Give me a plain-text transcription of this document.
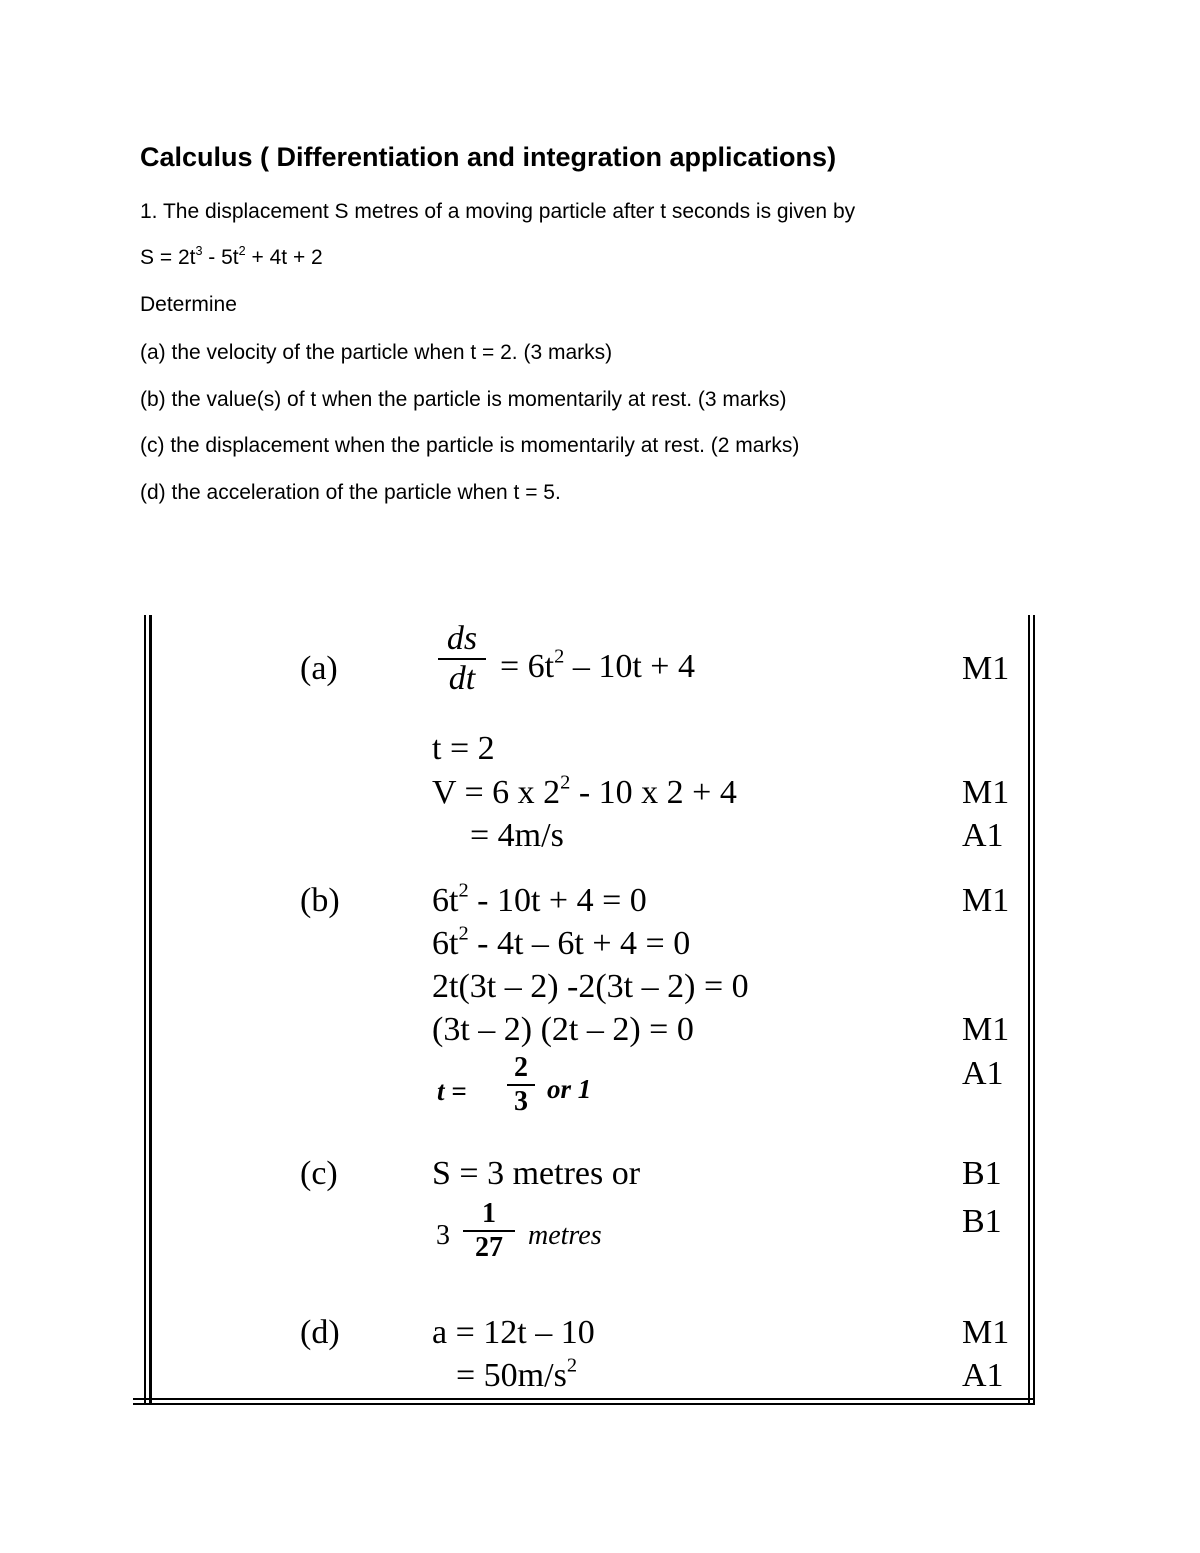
Calculus ( Differentiation and integration applications)
1. The displacement S metres of a moving particle after t seconds is given by
$S = 2t^3 - 5t^2 + 4t + 2$
Determine
(a) the velocity of the particle when t = 2. (3 marks)
(b) the value(s) of t when the particle is momentarily at rest. (3 marks)
(c) the displacement when the particle is momentarily at rest. (2 marks)
(d) the acceleration of the particle when t = 5.
(a)
ds
dt = $6t^2 - 10t + 4$	M1
t = 2
V = 6 x $2^2 - 10$ x 2 + 4	M1
= 4m/s	A1
(b)	$6t^2 - 10t + 4 = 0$	M1
$6t^2 - 4t - 6t + 4 = 0$
2t(3t – 2) -2(3t – 2) = 0
(3t – 2) (2t – 2) = 0	M1
t =
2
3 or 1	A1
(c)	S = 3 metres or	B1
3
1
27 metres	B1
(d)	a = 12t – 10	M1
= $50m/s^2$	A1
